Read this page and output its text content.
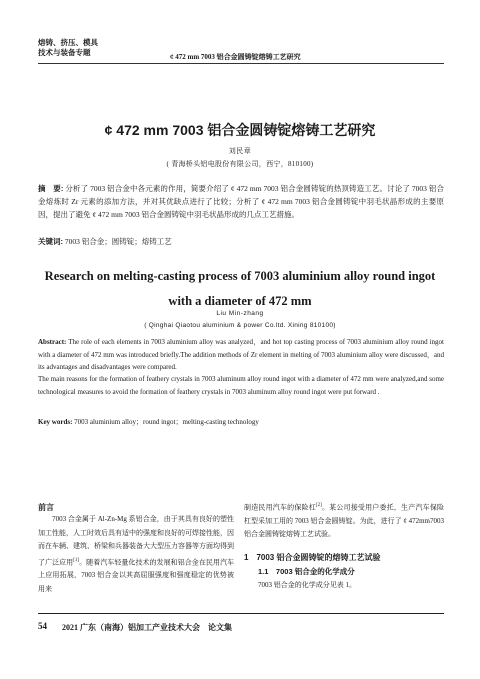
熔铸、挤压、模具
技术与装备专题	¢ 472 mm 7003 铝合金圆铸锭熔铸工艺研究
¢ 472 mm 7003 铝合金圆铸锭熔铸工艺研究
刘民章
( 青海桥头铝电股份有限公司，西宁，810100)
摘　要: 分析了 7003 铝合金中各元素的作用，简要介绍了 ¢ 472 mm 7003 铝合金圆铸锭的热顶铸造工艺。讨论了 7003 铝合金熔炼时 Zr 元素的添加方法，并对其优缺点进行了比较；分析了 ¢ 472 mm 7003 铝合金圆铸锭中羽毛状晶形成的主要原因，提出了避免 ¢ 472 mm 7003 铝合金圆铸锭中羽毛状晶形成的几点工艺措施。
关键词: 7003 铝合金；圆铸锭；熔铸工艺
Research on melting-casting process of 7003 aluminium alloy round ingot with a diameter of 472 mm
Liu Min-zhang
( Qinghai Qiaotou aluminium & power Co.ltd. Xining 810100)
Abstract: The role of each elements in 7003 aluminium alloy was analyzed，and hot top casting process of 7003 aluminium alloy round ingot with a diameter of 472 mm was introduced briefly.The addition methods of Zr element in melting of 7003 aluminium alloy were discussed，and its advantages and disadvantages were compared.
The main reasons for the formation of feathery crystals in 7003 aluminum alloy round ingot with a diameter of 472 mm were analyzed,and some technological measures to avoid the formation of feathery crystals in 7003 aluminum alloy round ingot were put forward .
Key words: 7003 aluminium alloy；round ingot；melting-casting technology
前言
　　7003 合金属于 Al-Zn-Mg 系铝合金，由于其具有良好的塑性加工性能，人工时效后具有适中的强度和良好的可焊接性能，因而在车辆、建筑、桥梁和兵器装备大大型压力容器等方面均得到了广泛应用[1]。随着汽车轻量化技术的发展和铝合金在民用汽车上应用拓展，7003 铝合金以其高屈服强度和强度稳定的优势被用来
制造民用汽车的保险杠[2]。某公司接受用户委托，生产汽车保险杠型采加工用的 7003 铝合金圆铸锭。为此，进行了 ¢ 472mm7003 铝合金圆铸锭熔铸工艺试验。
1　7003 铝合金圆铸锭的熔铸工艺试验
1.1　7003 铝合金的化学成分
7003 铝合金的化学成分见表 1。
54 2021 广东（南海）铝加工产业技术大会　论文集
